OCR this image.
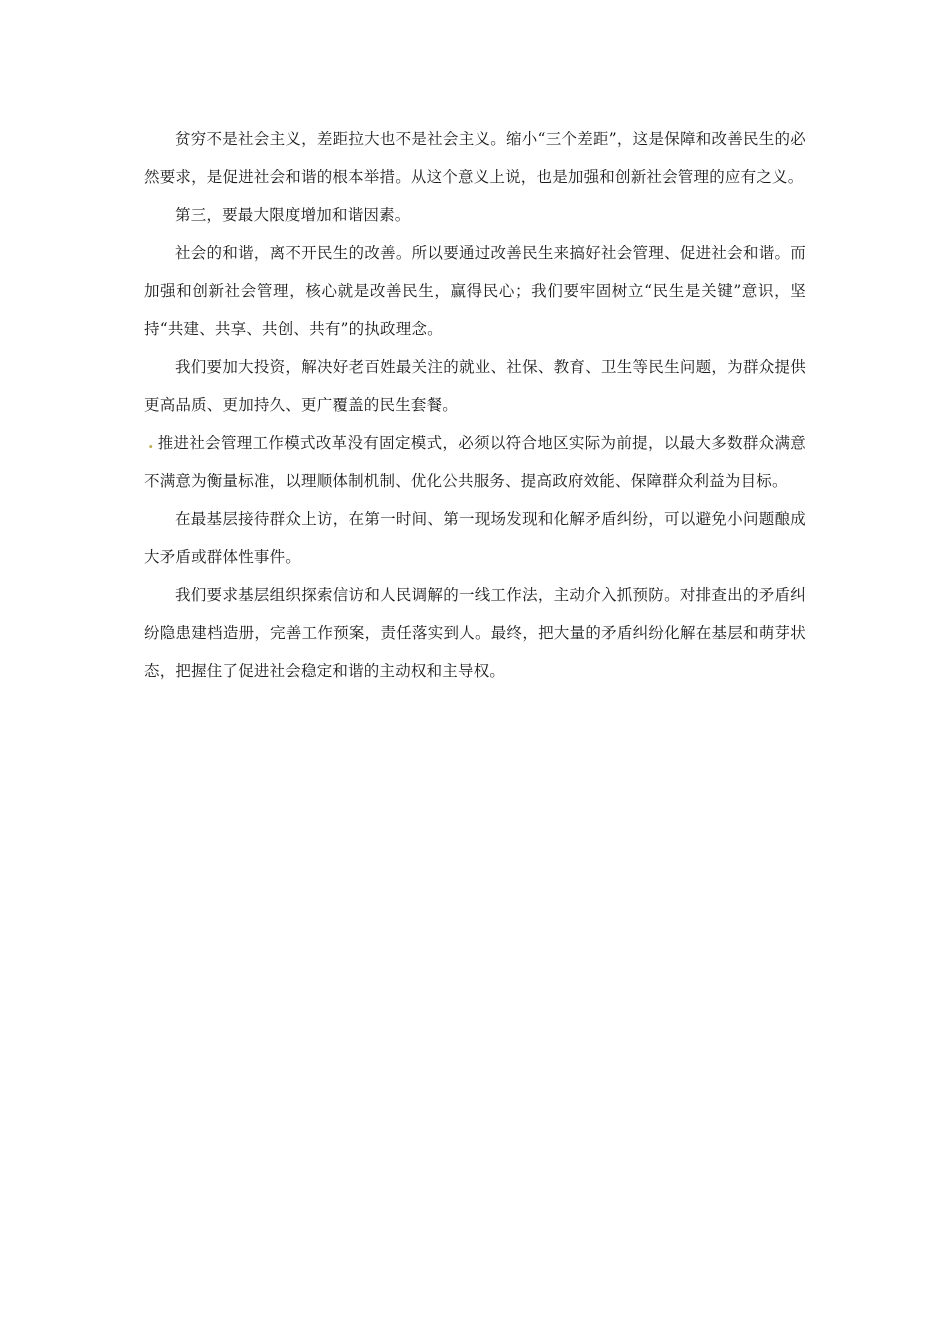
贫穷不是社会主义，差距拉大也不是社会主义。缩小“三个差距”，这是保障和改善民生的必然要求，是促进社会和谐的根本举措。从这个意义上说，也是加强和创新社会管理的应有之义。

第三，要最大限度增加和谐因素。

社会的和谐，离不开民生的改善。所以要通过改善民生来搞好社会管理、促进社会和谐。而加强和创新社会管理，核心就是改善民生，赢得民心；我们要牢固树立“民生是关键”意识，坚持“共建、共享、共创、共有”的执政理念。

我们要加大投资，解决好老百姓最关注的就业、社保、教育、卫生等民生问题，为群众提供更高品质、更加持久、更广覆盖的民生套餐。

. 推进社会管理工作模式改革没有固定模式，必须以符合地区实际为前提，以最大多数群众满意不满意为衡量标准，以理顺体制机制、优化公共服务、提高政府效能、保障群众利益为目标。

在最基层接待群众上访，在第一时间、第一现场发现和化解矛盾纠纷，可以避免小问题酿成大矛盾或群体性事件。

我们要求基层组织探索信访和人民调解的一线工作法，主动介入抓预防。对排查出的矛盾纠纷隐患建档造册，完善工作预案，责任落实到人。最终，把大量的矛盾纠纷化解在基层和萌芽状态，把握住了促进社会稳定和谐的主动权和主导权。
